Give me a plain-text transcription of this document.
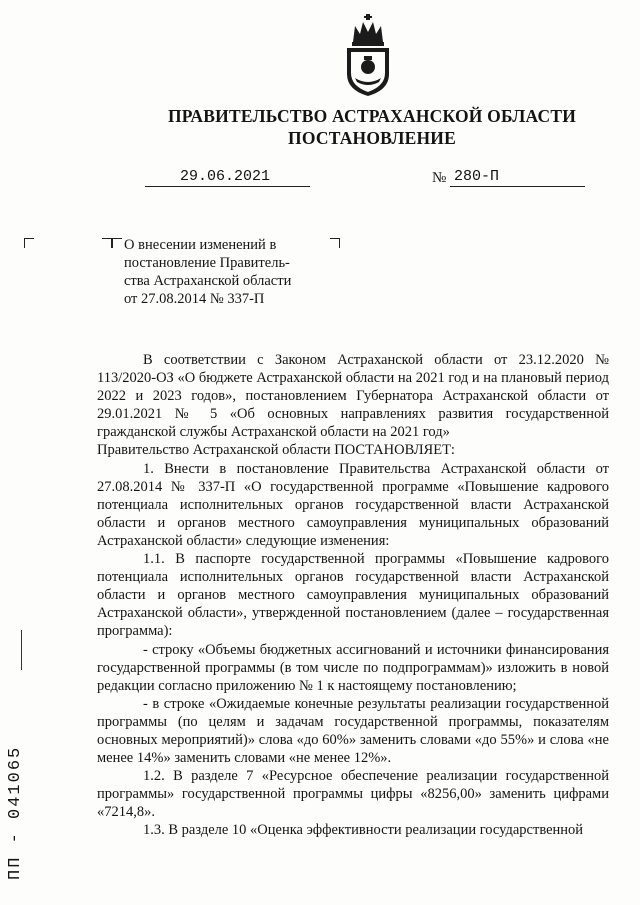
ПРАВИТЕЛЬСТВО АСТРАХАНСКОЙ ОБЛАСТИ
ПОСТАНОВЛЕНИЕ
29.06.2021	№ 280-П
О внесении изменений в
постановление Правитель-
ства Астраханской области
от 27.08.2014 № 337-П

В соответствии с Законом Астраханской области от 23.12.2020 № 113/2020-ОЗ «О бюджете Астраханской области на 2021 год и на плановый период 2022 и 2023 годов», постановлением Губернатора Астраханской области от 29.01.2021 № 5 «Об основных направлениях развития государственной гражданской службы Астраханской области на 2021 год»

Правительство Астраханской области ПОСТАНОВЛЯЕТ:

1. Внести в постановление Правительства Астраханской области от 27.08.2014 № 337-П «О государственной программе «Повышение кадрового потенциала исполнительных органов государственной власти Астраханской области и органов местного самоуправления муниципальных образований Астраханской области» следующие изменения:

1.1. В паспорте государственной программы «Повышение кадрового потенциала исполнительных органов государственной власти Астраханской области и органов местного самоуправления муниципальных образований Астраханской области», утвержденной постановлением (далее – государственная программа):

- строку «Объемы бюджетных ассигнований и источники финансирования государственной программы (в том числе по подпрограммам)» изложить в новой редакции согласно приложению № 1 к настоящему постановлению;

- в строке «Ожидаемые конечные результаты реализации государственной программы (по целям и задачам государственной программы, показателям основных мероприятий)» слова «до 60%» заменить словами «до 55%» и слова «не менее 14%» заменить словами «не менее 12%».

1.2. В разделе 7 «Ресурсное обеспечение реализации государственной программы» государственной программы цифры «8256,00» заменить цифрами «7214,8».

1.3. В разделе 10 «Оценка эффективности реализации государственной

ПП - 041065
